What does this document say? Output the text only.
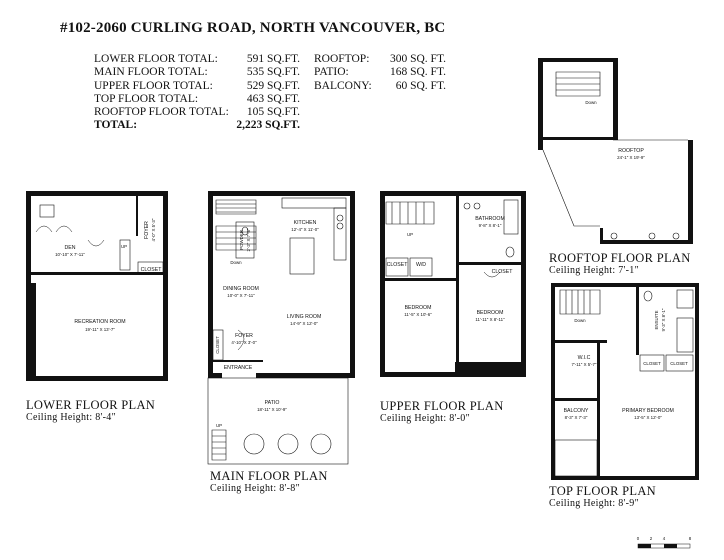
#102-2060 CURLING ROAD, NORTH VANCOUVER, BC
LOWER FLOOR TOTAL:	591 SQ.FT.
MAIN FLOOR TOTAL:	535 SQ.FT.
UPPER FLOOR TOTAL:	529 SQ.FT.
TOP FLOOR TOTAL:	463 SQ.FT.
ROOFTOP FLOOR TOTAL: 105 SQ.FT.
TOTAL:	2,223 SQ.FT.
ROOFTOP: 300 SQ. FT.
PATIO:	168 SQ. FT.
BALCONY: 60 SQ. FT.
LOWER FLOOR PLAN
Ceiling Height: 8'-4"
MAIN FLOOR PLAN
Ceiling Height: 8'-8"
UPPER FLOOR PLAN
Ceiling Height: 8'-0"
ROOFTOP FLOOR PLAN
Ceiling Height: 7'-1"
TOP FLOOR PLAN
Ceiling Height: 8'-9"
DEN
10'-10" X 7'-11"
FOYER 4'-0" X 5'-3"
CLOSET
UP
RECREATION ROOM
19'-11" X 13'-7"
KITCHEN
12'-4" X 11'-0"
POWDER 2'-2" X 7'-4"
DINING ROOM
10'-0" X 7'-11"
LIVING ROOM
14'-9" X 12'-0"
FOYER
4'-10" X 3'-0"
CLOSET
ENTRANCE
Down
PATIO
18'-11" X 10'-9"
UP
BATHROOM
9'-8" X 8'-1"
CLOSET W/D
UP
BEDROOM
11'-5" X 10'-6"	BEDROOM
11'-11" X 8'-11"
CLOSET
Down
ROOFTOP
24'-1" X 19'-9"
Down	ENSUITE 9'-3" X 8'-1"
W.I.C
7'-11" X 5'-7"	CLOSET CLOSET
BALCONY
8'-3" X 7'-3"
PRIMARY BEDROOM
13'-5" X 12'-0"
0 2 4	8
